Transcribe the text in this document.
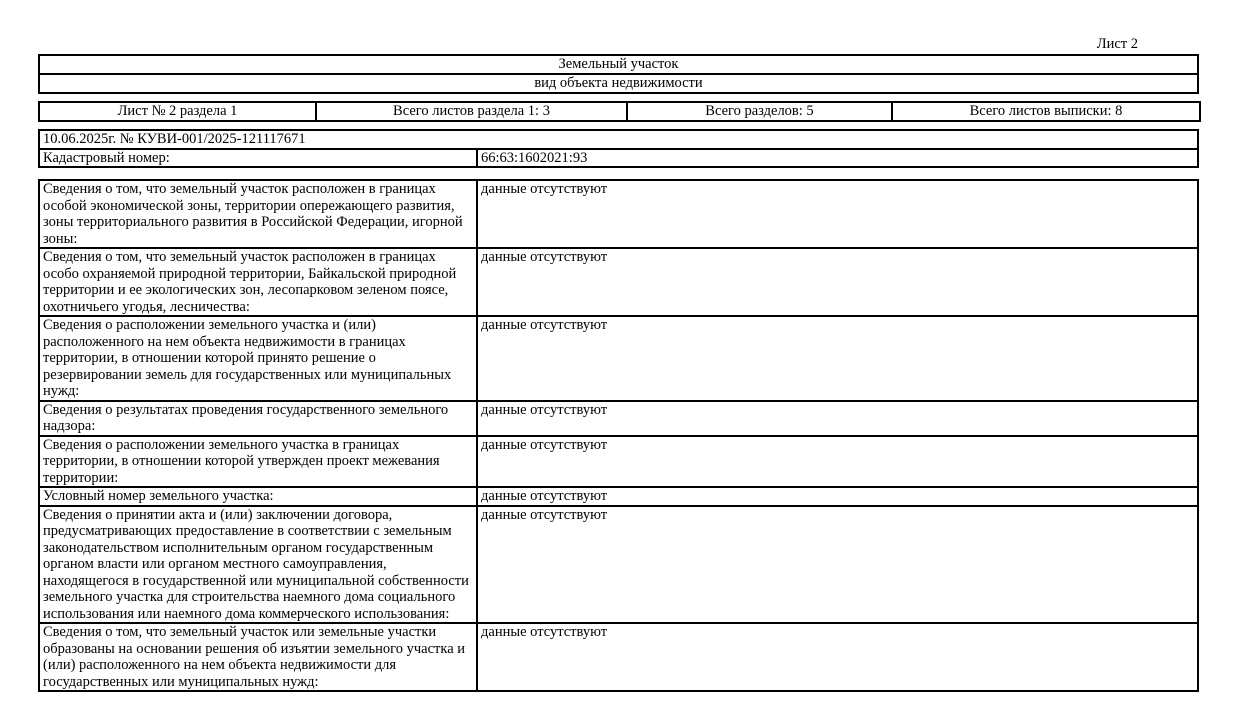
Лист 2
Земельный участок
вид объекта недвижимости
Лист № 2 раздела 1	Всего листов раздела 1: 3	Всего разделов: 5	Всего листов выписки: 8
10.06.2025г. № КУВИ-001/2025-121117671
Кадастровый номер:	66:63:1602021:93
Сведения о том, что земельный участок расположен в границах особой экономической зоны, территории опережающего развития, зоны территориального развития в Российской Федерации, игорной зоны:	данные отсутствуют
Сведения о том, что земельный участок расположен в границах особо охраняемой природной территории, Байкальской природной территории и ее экологических зон, лесопарковом зеленом поясе, охотничьего угодья, лесничества:	данные отсутствуют
Сведения о расположении земельного участка и (или) расположенного на нем объекта недвижимости в границах территории, в отношении которой принято решение о резервировании земель для государственных или муниципальных нужд:	данные отсутствуют
Сведения о результатах проведения государственного земельного надзора:	данные отсутствуют
Сведения о расположении земельного участка в границах территории, в отношении которой утвержден проект межевания территории:	данные отсутствуют
Условный номер земельного участка:	данные отсутствуют
Сведения о принятии акта и (или) заключении договора, предусматривающих предоставление в соответствии с земельным законодательством исполнительным органом государственным органом власти или органом местного самоуправления, находящегося в государственной или муниципальной собственности земельного участка для строительства наемного дома социального использования или наемного дома коммерческого использования:	данные отсутствуют
Сведения о том, что земельный участок или земельные участки образованы на основании решения об изъятии земельного участка и (или) расположенного на нем объекта недвижимости для государственных или муниципальных нужд:	данные отсутствуют
